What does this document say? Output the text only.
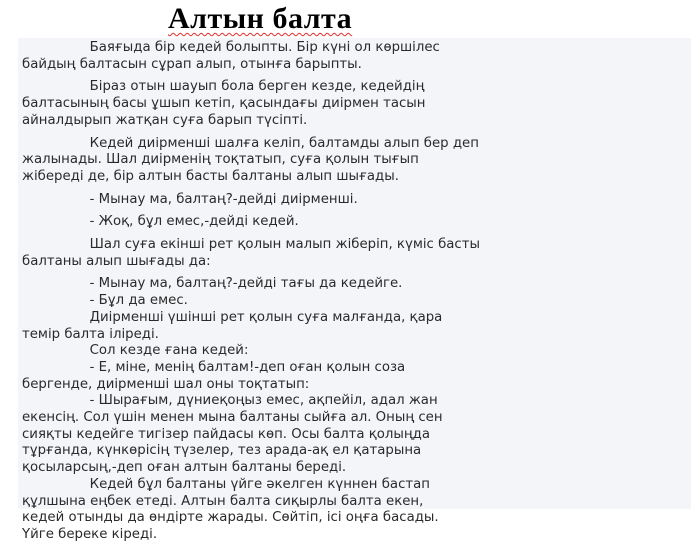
Алтын балта

Баяғыда бір кедей болыпты. Бір күні ол көршілес

байдың балтасын сұрап алып, отынға барыпты.

Біраз отын шауып бола берген кезде, кедейдің

балтасының басы ұшып кетіп, қасындағы диірмен тасын

айналдырып жатқан суға барып түсіпті.

Кедей диірменші шалға келіп, балтамды алып бер деп

жалынады. Шал диірменің тоқтатып, суға қолын тығып

жібереді де, бір алтын басты балтаны алып шығады.

- Мынау ма, балтаң?-дейді диірменші.

- Жоқ, бұл емес,-дейді кедей.

Шал суға екінші рет қолын малып жіберіп, күміс басты

балтаны алып шығады да:

- Мынау ма, балтаң?-дейді тағы да кедейге.

- Бұл да емес.

Диірменші үшінші рет қолын суға малғанда, қара

темір балта іліреді.

Сол кезде ғана кедей:

- Е, міне, менің балтам!-деп оған қолын соза

бергенде, диірменші шал оны тоқтатып:

- Шырағым, дүниеқоңыз емес, ақпейіл, адал жан

екенсің. Сол үшін менен мына балтаны сыйға ал. Оның сен

сияқты кедейге тигізер пайдасы көп. Осы балта қолыңда

тұрғанда, күнкөрісің түзелер, тез арада-ақ ел қатарына

қосыларсың,-деп оған алтын балтаны береді.

Кедей бұл балтаны үйге әкелген күннен бастап

құлшына еңбек етеді. Алтын балта сиқырлы балта екен,

кедей отынды да өндірте жарады. Сөйтіп, ісі оңға басады.

Үйге береке кіреді.
